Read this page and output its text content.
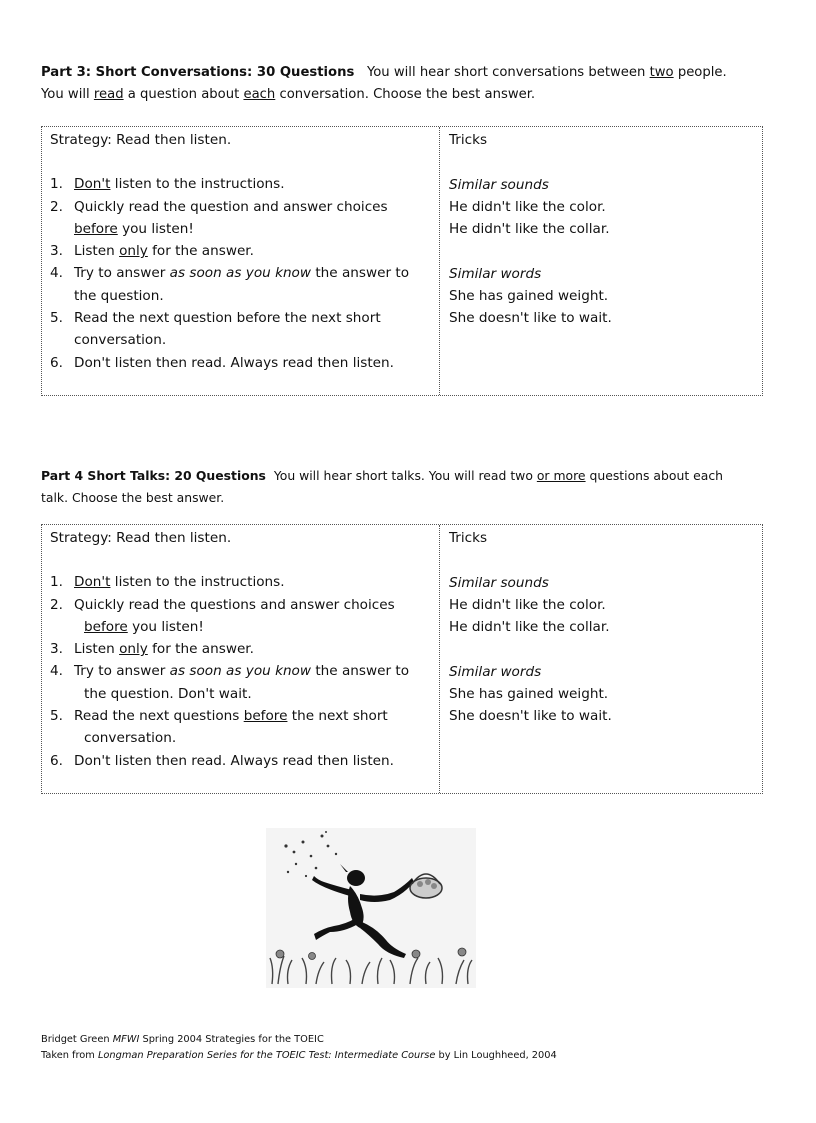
Part 3: Short Conversations: 30 Questions You will hear short conversations between two people.
You will read a question about each conversation. Choose the best answer.
Strategy: Read then listen.
1. Don't listen to the instructions.
2. Quickly read the question and answer choices
before you listen!
3. Listen only for the answer.
4. Try to answer as soon as you know the answer to
the question.
5. Read the next question before the next short
conversation.
6. Don't listen then read. Always read then listen.
Tricks
Similar sounds
He didn't like the color.
He didn't like the collar.
Similar words
She has gained weight.
She doesn't like to wait.
Part 4 Short Talks: 20 Questions You will hear short talks. You will read two or more questions about each
talk. Choose the best answer.
Strategy: Read then listen.
1. Don't listen to the instructions.
2. Quickly read the questions and answer choices
before you listen!
3. Listen only for the answer.
4. Try to answer as soon as you know the answer to
the question. Don't wait.
5. Read the next questions before the next short
conversation.
6. Don't listen then read. Always read then listen.
Tricks
Similar sounds
He didn't like the color.
He didn't like the collar.
Similar words
She has gained weight.
She doesn't like to wait.
Bridget Green MFWI Spring 2004 Strategies for the TOEIC
Taken from Longman Preparation Series for the TOEIC Test: Intermediate Course by Lin Loughheed, 2004
